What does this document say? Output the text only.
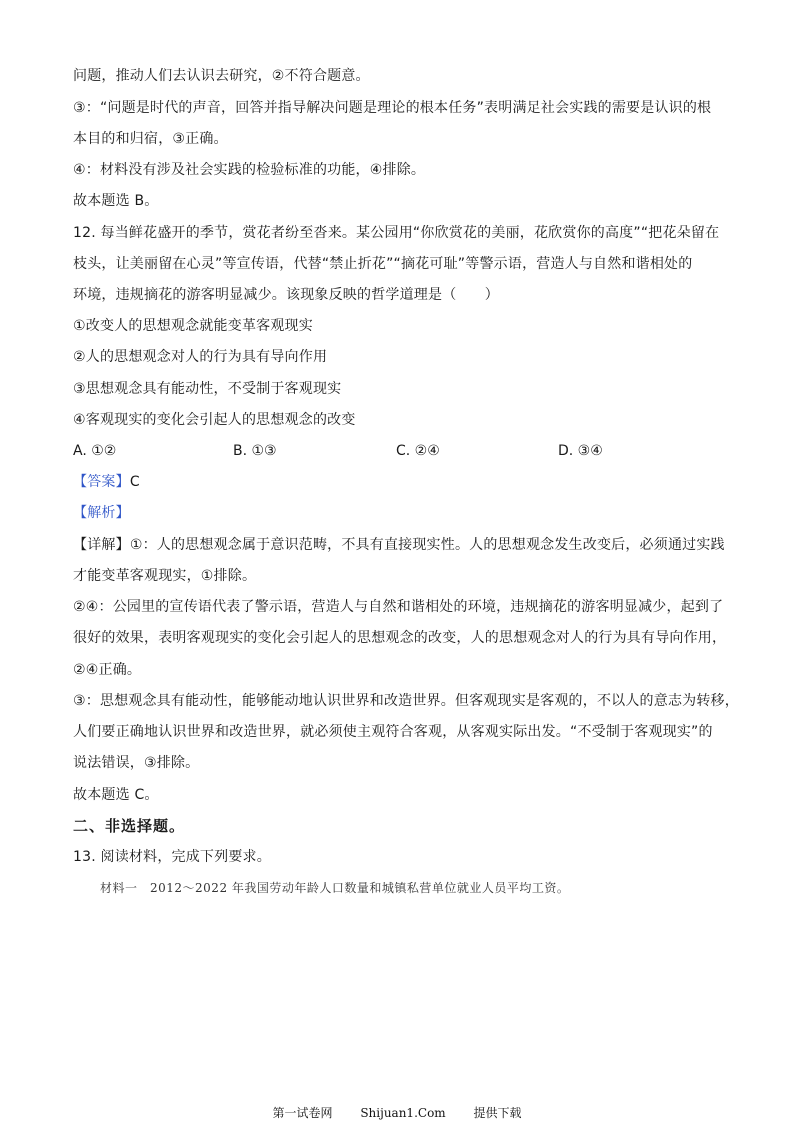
问题，推动人们去认识去研究，②不符合题意。
③：“问题是时代的声音，回答并指导解决问题是理论的根本任务”表明满足社会实践的需要是认识的根
本目的和归宿，③正确。
④：材料没有涉及社会实践的检验标准的功能，④排除。
故本题选 B。
12. 每当鲜花盛开的季节，赏花者纷至沓来。某公园用“你欣赏花的美丽，花欣赏你的高度”“把花朵留在
枝头，让美丽留在心灵”等宣传语，代替“禁止折花”“摘花可耻”等警示语，营造人与自然和谐相处的
环境，违规摘花的游客明显减少。该现象反映的哲学道理是（　　）
①改变人的思想观念就能变革客观现实
②人的思想观念对人的行为具有导向作用
③思想观念具有能动性，不受制于客观现实
④客观现实的变化会引起人的思想观念的改变
A. ①②	B. ①③	C. ②④	D. ③④
【答案】C
【解析】
【详解】①：人的思想观念属于意识范畴，不具有直接现实性。人的思想观念发生改变后，必须通过实践
才能变革客观现实，①排除。
②④：公园里的宣传语代表了警示语，营造人与自然和谐相处的环境，违规摘花的游客明显减少，起到了
很好的效果，表明客观现实的变化会引起人的思想观念的改变，人的思想观念对人的行为具有导向作用，
②④正确。
③：思想观念具有能动性，能够能动地认识世界和改造世界。但客观现实是客观的，不以人的意志为转移，
人们要正确地认识世界和改造世界，就必须使主观符合客观，从客观实际出发。“不受制于客观现实”的
说法错误，③排除。
故本题选 C。
二、非选择题。
13. 阅读材料，完成下列要求。
材料一　2012～2022 年我国劳动年龄人口数量和城镇私营单位就业人员平均工资。
第一试卷网 Shijuan1.Com 提供下载
